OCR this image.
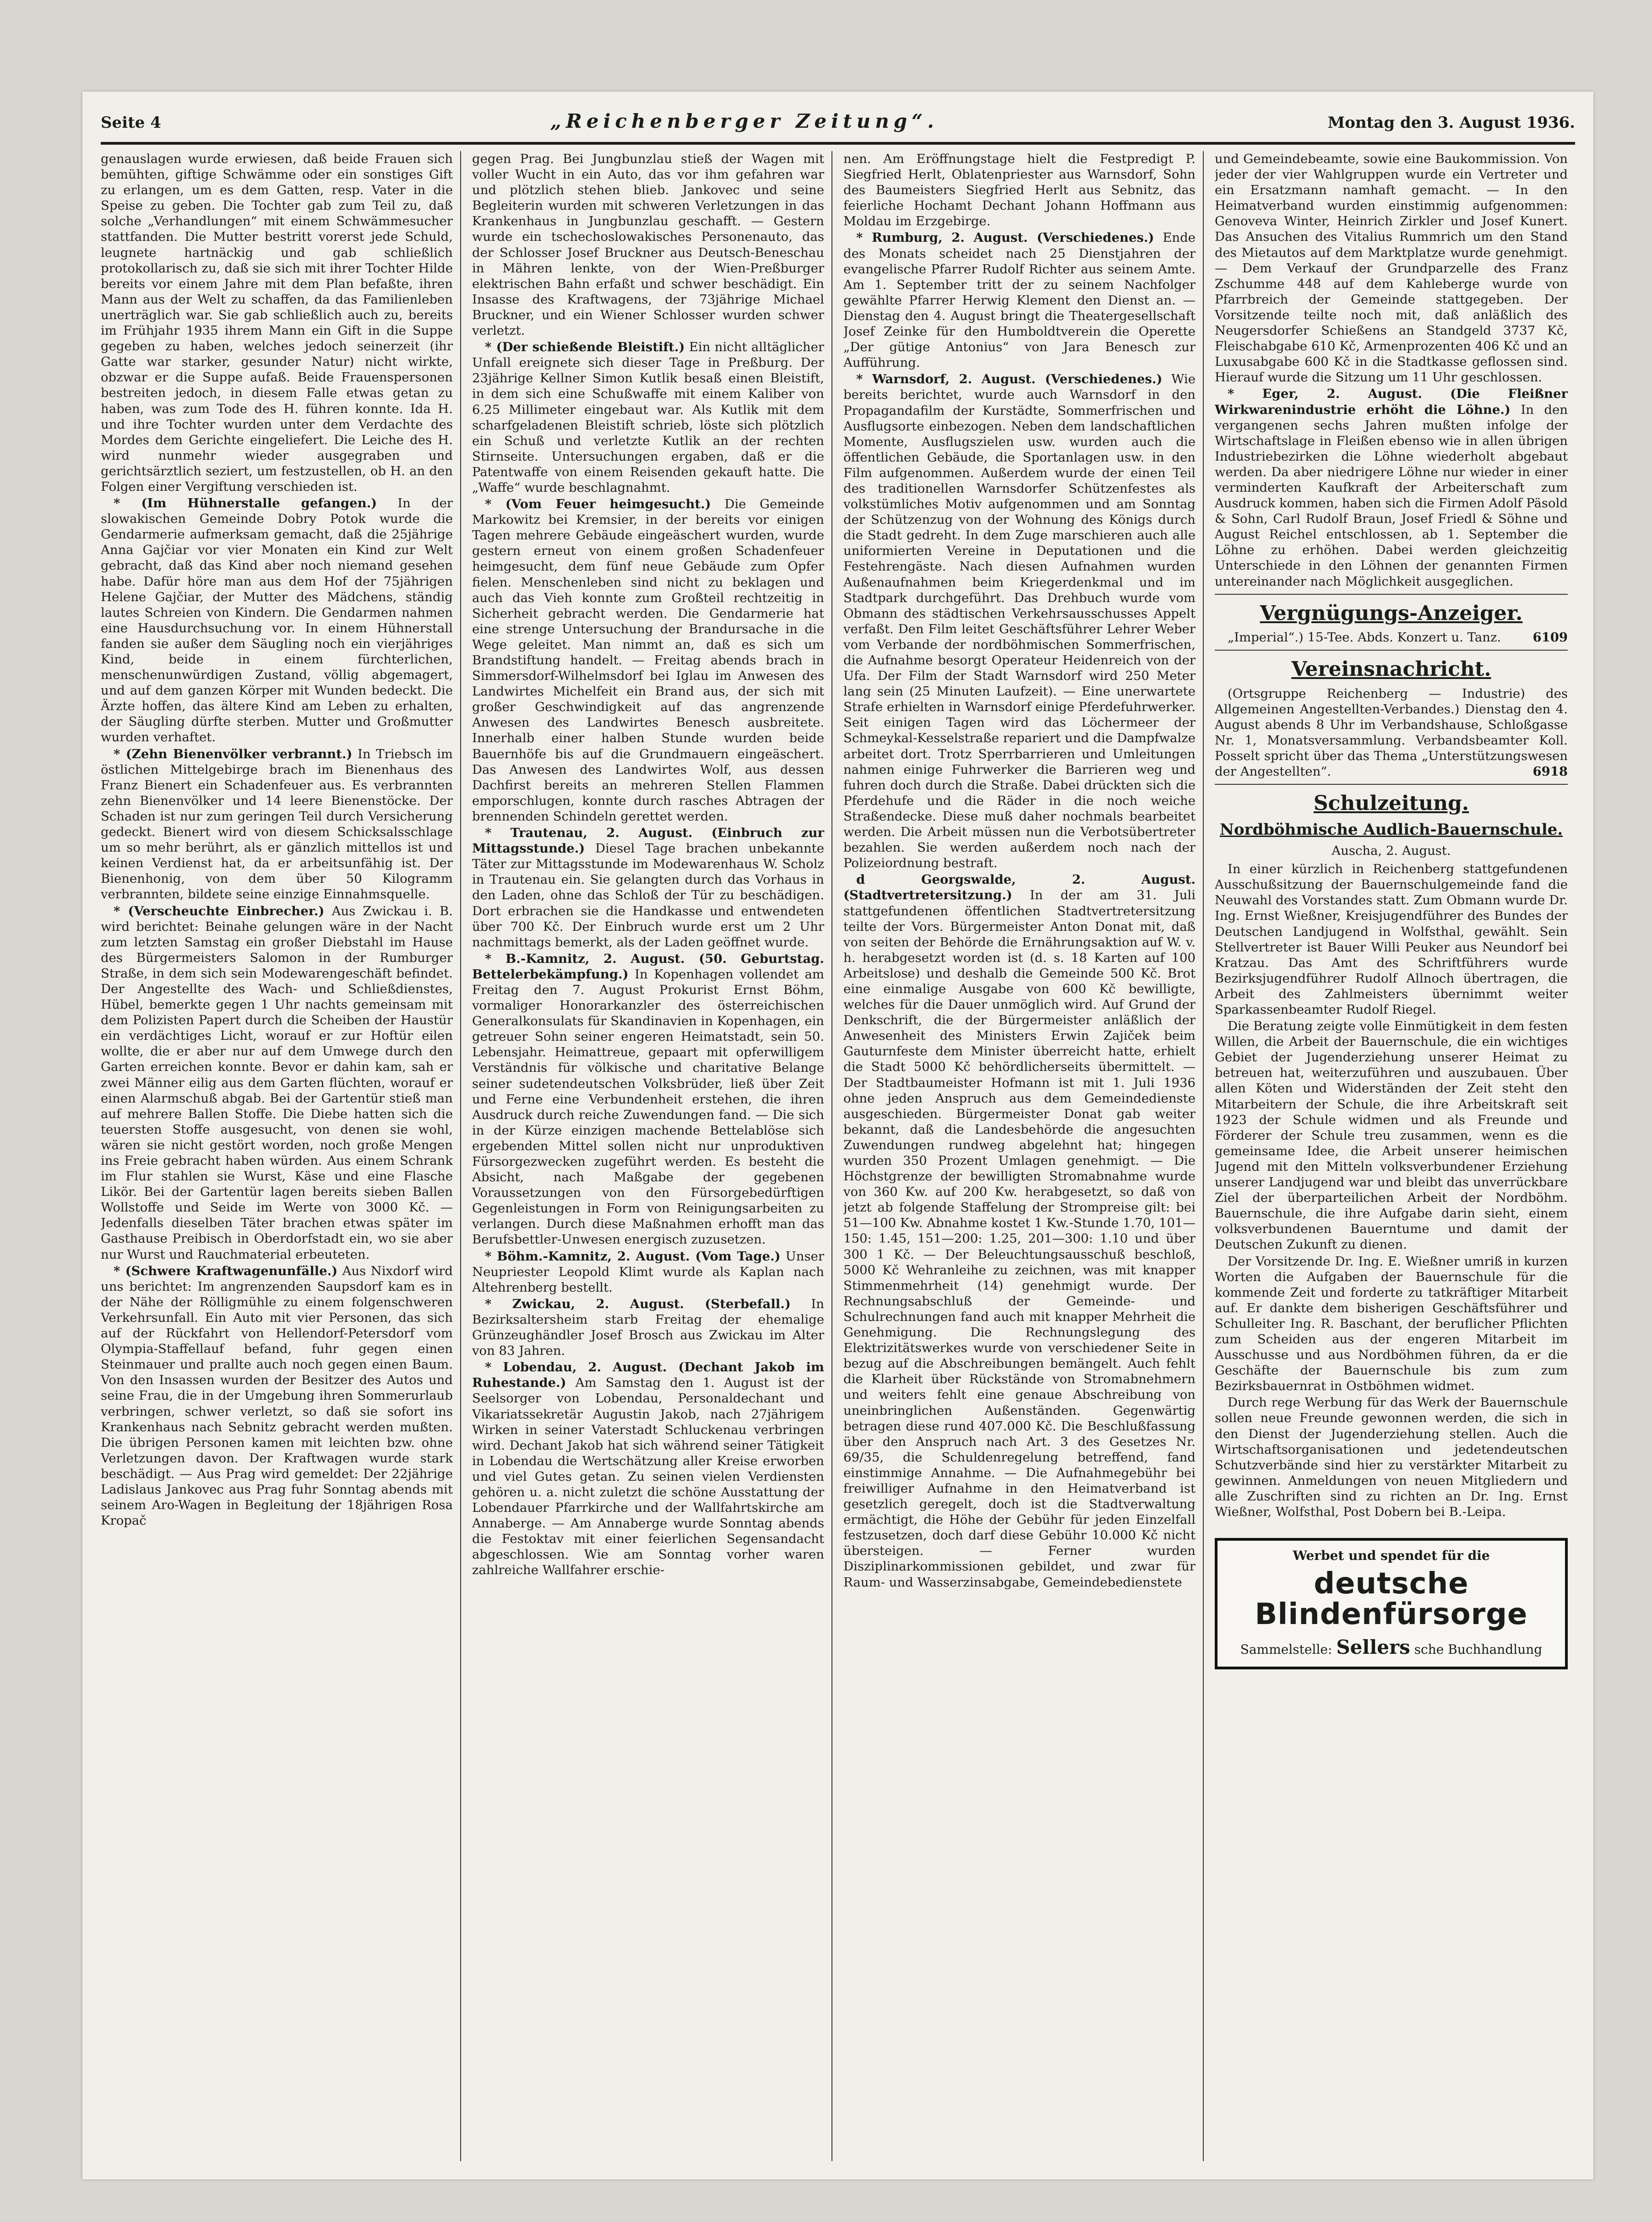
Seite 4	„Reichenberger Zeitung“.	Montag den 3. August 1936.

genauslagen wurde erwiesen, daß beide Frauen sich bemühten, giftige Schwämme oder ein sonstiges Gift zu erlangen, um es dem Gatten, resp. Vater in die Speise zu geben. Die Tochter gab zum Teil zu, daß solche „Verhandlungen“ mit einem Schwämmesucher stattfanden. Die Mutter bestritt vorerst jede Schuld, leugnete hartnäckig und gab schließlich protokollarisch zu, daß sie sich mit ihrer Tochter Hilde bereits vor einem Jahre mit dem Plan befaßte, ihren Mann aus der Welt zu schaffen, da das Familienleben unerträglich war. Sie gab schließlich auch zu, bereits im Frühjahr 1935 ihrem Mann ein Gift in die Suppe gegeben zu haben, welches jedoch seinerzeit (ihr Gatte war starker, gesunder Natur) nicht wirkte, obzwar er die Suppe aufaß. Beide Frauenspersonen bestreiten jedoch, in diesem Falle etwas getan zu haben, was zum Tode des H. führen konnte. Ida H. und ihre Tochter wurden unter dem Verdachte des Mordes dem Gerichte eingeliefert. Die Leiche des H. wird nunmehr wieder ausgegraben und gerichtsärztlich seziert, um festzustellen, ob H. an den Folgen einer Vergiftung verschieden ist.

* (Im Hühnerstalle gefangen.) In der slowakischen Gemeinde Dobry Potok wurde die Gendarmerie aufmerksam gemacht, daß die 25jährige Anna Gajčiar vor vier Monaten ein Kind zur Welt gebracht, daß das Kind aber noch niemand gesehen habe. Dafür höre man aus dem Hof der 75jährigen Helene Gajčiar, der Mutter des Mädchens, ständig lautes Schreien von Kindern. Die Gendarmen nahmen eine Hausdurchsuchung vor. In einem Hühnerstall fanden sie außer dem Säugling noch ein vierjähriges Kind, beide in einem fürchterlichen, menschenunwürdigen Zustand, völlig abgemagert, und auf dem ganzen Körper mit Wunden bedeckt. Die Ärzte hoffen, das ältere Kind am Leben zu erhalten, der Säugling dürfte sterben. Mutter und Großmutter wurden verhaftet.

* (Zehn Bienenvölker verbrannt.) In Triebsch im östlichen Mittelgebirge brach im Bienenhaus des Franz Bienert ein Schadenfeuer aus. Es verbrannten zehn Bienenvölker und 14 leere Bienenstöcke. Der Schaden ist nur zum geringen Teil durch Versicherung gedeckt. Bienert wird von diesem Schicksalsschlage um so mehr berührt, als er gänzlich mittellos ist und keinen Verdienst hat, da er arbeitsunfähig ist. Der Bienenhonig, von dem über 50 Kilogramm verbrannten, bildete seine einzige Einnahmsquelle.

* (Verscheuchte Einbrecher.) Aus Zwickau i. B. wird berichtet: Beinahe gelungen wäre in der Nacht zum letzten Samstag ein großer Diebstahl im Hause des Bürgermeisters Salomon in der Rumburger Straße, in dem sich sein Modewarengeschäft befindet. Der Angestellte des Wach- und Schließdienstes, Hübel, bemerkte gegen 1 Uhr nachts gemeinsam mit dem Polizisten Papert durch die Scheiben der Haustür ein verdächtiges Licht, worauf er zur Hoftür eilen wollte, die er aber nur auf dem Umwege durch den Garten erreichen konnte. Bevor er dahin kam, sah er zwei Männer eilig aus dem Garten flüchten, worauf er einen Alarmschuß abgab. Bei der Gartentür stieß man auf mehrere Ballen Stoffe. Die Diebe hatten sich die teuersten Stoffe ausgesucht, von denen sie wohl, wären sie nicht gestört worden, noch große Mengen ins Freie gebracht haben würden. Aus einem Schrank im Flur stahlen sie Wurst, Käse und eine Flasche Likör. Bei der Gartentür lagen bereits sieben Ballen Wollstoffe und Seide im Werte von 3000 Kč. — Jedenfalls dieselben Täter brachen etwas später im Gasthause Preibisch in Oberdorfstadt ein, wo sie aber nur Wurst und Rauchmaterial erbeuteten.

* (Schwere Kraftwagenunfälle.) Aus Nixdorf wird uns berichtet: Im angrenzenden Saupsdorf kam es in der Nähe der Rölligmühle zu einem folgenschweren Verkehrsunfall. Ein Auto mit vier Personen, das sich auf der Rückfahrt von Hellendorf-Petersdorf vom Olympia-Staffellauf befand, fuhr gegen einen Steinmauer und prallte auch noch gegen einen Baum. Von den Insassen wurden der Besitzer des Autos und seine Frau, die in der Umgebung ihren Sommerurlaub verbringen, schwer verletzt, so daß sie sofort ins Krankenhaus nach Sebnitz gebracht werden mußten. Die übrigen Personen kamen mit leichten bzw. ohne Verletzungen davon. Der Kraftwagen wurde stark beschädigt. — Aus Prag wird gemeldet: Der 22jährige Ladislaus Jankovec aus Prag fuhr Sonntag abends mit seinem Aro-Wagen in Begleitung der 18jährigen Rosa Kropač

gegen Prag. Bei Jungbunzlau stieß der Wagen mit voller Wucht in ein Auto, das vor ihm gefahren war und plötzlich stehen blieb. Jankovec und seine Begleiterin wurden mit schweren Verletzungen in das Krankenhaus in Jungbunzlau geschafft. — Gestern wurde ein tschechoslowakisches Personenauto, das der Schlosser Josef Bruckner aus Deutsch-Beneschau in Mähren lenkte, von der Wien-Preßburger elektrischen Bahn erfaßt und schwer beschädigt. Ein Insasse des Kraftwagens, der 73jährige Michael Bruckner, und ein Wiener Schlosser wurden schwer verletzt.

* (Der schießende Bleistift.) Ein nicht alltäglicher Unfall ereignete sich dieser Tage in Preßburg. Der 23jährige Kellner Simon Kutlik besaß einen Bleistift, in dem sich eine Schußwaffe mit einem Kaliber von 6.25 Millimeter eingebaut war. Als Kutlik mit dem scharfgeladenen Bleistift schrieb, löste sich plötzlich ein Schuß und verletzte Kutlik an der rechten Stirnseite. Untersuchungen ergaben, daß er die Patentwaffe von einem Reisenden gekauft hatte. Die „Waffe“ wurde beschlagnahmt.

* (Vom Feuer heimgesucht.) Die Gemeinde Markowitz bei Kremsier, in der bereits vor einigen Tagen mehrere Gebäude eingeäschert wurden, wurde gestern erneut von einem großen Schadenfeuer heimgesucht, dem fünf neue Gebäude zum Opfer fielen. Menschenleben sind nicht zu beklagen und auch das Vieh konnte zum Großteil rechtzeitig in Sicherheit gebracht werden. Die Gendarmerie hat eine strenge Untersuchung der Brandursache in die Wege geleitet. Man nimmt an, daß es sich um Brandstiftung handelt. — Freitag abends brach in Simmersdorf-Wilhelmsdorf bei Iglau im Anwesen des Landwirtes Michelfeit ein Brand aus, der sich mit großer Geschwindigkeit auf das angrenzende Anwesen des Landwirtes Benesch ausbreitete. Innerhalb einer halben Stunde wurden beide Bauernhöfe bis auf die Grundmauern eingeäschert. Das Anwesen des Landwirtes Wolf, aus dessen Dachfirst bereits an mehreren Stellen Flammen emporschlugen, konnte durch rasches Abtragen der brennenden Schindeln gerettet werden.

* Trautenau, 2. August. (Einbruch zur Mittagsstunde.) Diesel Tage brachen unbekannte Täter zur Mittagsstunde im Modewarenhaus W. Scholz in Trautenau ein. Sie gelangten durch das Vorhaus in den Laden, ohne das Schloß der Tür zu beschädigen. Dort erbrachen sie die Handkasse und entwendeten über 700 Kč. Der Einbruch wurde erst um 2 Uhr nachmittags bemerkt, als der Laden geöffnet wurde.

* B.-Kamnitz, 2. August. (50. Geburtstag. Bettelerbekämpfung.) In Kopenhagen vollendet am Freitag den 7. August Prokurist Ernst Böhm, vormaliger Honorarkanzler des österreichischen Generalkonsulats für Skandinavien in Kopenhagen, ein getreuer Sohn seiner engeren Heimatstadt, sein 50. Lebensjahr. Heimattreue, gepaart mit opferwilligem Verständnis für völkische und charitative Belange seiner sudetendeutschen Volksbrüder, ließ über Zeit und Ferne eine Verbundenheit erstehen, die ihren Ausdruck durch reiche Zuwendungen fand. — Die sich in der Kürze einzigen machende Bettelablöse sich ergebenden Mittel sollen nicht nur unproduktiven Fürsorgezwecken zugeführt werden. Es besteht die Absicht, nach Maßgabe der gegebenen Voraussetzungen von den Fürsorgebedürftigen Gegenleistungen in Form von Reinigungsarbeiten zu verlangen. Durch diese Maßnahmen erhofft man das Berufsbettler-Unwesen energisch zuzusetzen.

* Böhm.-Kamnitz, 2. August. (Vom Tage.) Unser Neupriester Leopold Klimt wurde als Kaplan nach Altehrenberg bestellt.

* Zwickau, 2. August. (Sterbefall.) In Bezirksaltersheim starb Freitag der ehemalige Grünzeughändler Josef Brosch aus Zwickau im Alter von 83 Jahren.

* Lobendau, 2. August. (Dechant Jakob im Ruhestande.) Am Samstag den 1. August ist der Seelsorger von Lobendau, Personaldechant und Vikariatssekretär Augustin Jakob, nach 27jährigem Wirken in seiner Vaterstadt Schluckenau verbringen wird. Dechant Jakob hat sich während seiner Tätigkeit in Lobendau die Wertschätzung aller Kreise erworben und viel Gutes getan. Zu seinen vielen Verdiensten gehören u. a. nicht zuletzt die schöne Ausstattung der Lobendauer Pfarrkirche und der Wallfahrtskirche am Annaberge. — Am Annaberge wurde Sonntag abends die Festoktav mit einer feierlichen Segensandacht abgeschlossen. Wie am Sonntag vorher waren zahlreiche Wallfahrer erschie-

nen. Am Eröffnungstage hielt die Festpredigt P. Siegfried Herlt, Oblatenpriester aus Warnsdorf, Sohn des Baumeisters Siegfried Herlt aus Sebnitz, das feierliche Hochamt Dechant Johann Hoffmann aus Moldau im Erzgebirge.

* Rumburg, 2. August. (Verschiedenes.) Ende des Monats scheidet nach 25 Dienstjahren der evangelische Pfarrer Rudolf Richter aus seinem Amte. Am 1. September tritt der zu seinem Nachfolger gewählte Pfarrer Herwig Klement den Dienst an. — Dienstag den 4. August bringt die Theatergesellschaft Josef Zeinke für den Humboldtverein die Operette „Der gütige Antonius“ von Jara Benesch zur Aufführung.

* Warnsdorf, 2. August. (Verschiedenes.) Wie bereits berichtet, wurde auch Warnsdorf in den Propagandafilm der Kurstädte, Sommerfrischen und Ausflugsorte einbezogen. Neben dem landschaftlichen Momente, Ausflugszielen usw. wurden auch die öffentlichen Gebäude, die Sportanlagen usw. in den Film aufgenommen. Außerdem wurde der einen Teil des traditionellen Warnsdorfer Schützenfestes als volkstümliches Motiv aufgenommen und am Sonntag der Schützenzug von der Wohnung des Königs durch die Stadt gedreht. In dem Zuge marschieren auch alle uniformierten Vereine in Deputationen und die Festehrengäste. Nach diesen Aufnahmen wurden Außenaufnahmen beim Kriegerdenkmal und im Stadtpark durchgeführt. Das Drehbuch wurde vom Obmann des städtischen Verkehrsausschusses Appelt verfaßt. Den Film leitet Geschäftsführer Lehrer Weber vom Verbande der nordböhmischen Sommerfrischen, die Aufnahme besorgt Operateur Heidenreich von der Ufa. Der Film der Stadt Warnsdorf wird 250 Meter lang sein (25 Minuten Laufzeit). — Eine unerwartete Strafe erhielten in Warnsdorf einige Pferdefuhrwerker. Seit einigen Tagen wird das Löchermeer der Schmeykal-Kesselstraße repariert und die Dampfwalze arbeitet dort. Trotz Sperrbarrieren und Umleitungen nahmen einige Fuhrwerker die Barrieren weg und fuhren doch durch die Straße. Dabei drückten sich die Pferdehufe und die Räder in die noch weiche Straßendecke. Diese muß daher nochmals bearbeitet werden. Die Arbeit müssen nun die Verbotsübertreter bezahlen. Sie werden außerdem noch nach der Polizeiordnung bestraft.

d Georgswalde, 2. August. (Stadtvertretersitzung.) In der am 31. Juli stattgefundenen öffentlichen Stadtvertretersitzung teilte der Vors. Bürgermeister Anton Donat mit, daß von seiten der Behörde die Ernährungsaktion auf W. v. h. herabgesetzt worden ist (d. s. 18 Karten auf 100 Arbeitslose) und deshalb die Gemeinde 500 Kč. Brot eine einmalige Ausgabe von 600 Kč bewilligte, welches für die Dauer unmöglich wird. Auf Grund der Denkschrift, die der Bürgermeister anläßlich der Anwesenheit des Ministers Erwin Zajiček beim Gauturnfeste dem Minister überreicht hatte, erhielt die Stadt 5000 Kč behördlicherseits übermittelt. — Der Stadtbaumeister Hofmann ist mit 1. Juli 1936 ohne jeden Anspruch aus dem Gemeindedienste ausgeschieden. Bürgermeister Donat gab weiter bekannt, daß die Landesbehörde die angesuchten Zuwendungen rundweg abgelehnt hat; hingegen wurden 350 Prozent Umlagen genehmigt. — Die Höchstgrenze der bewilligten Stromabnahme wurde von 360 Kw. auf 200 Kw. herabgesetzt, so daß von jetzt ab folgende Staffelung der Strompreise gilt: bei 51—100 Kw. Abnahme kostet 1 Kw.-Stunde 1.70, 101—150: 1.45, 151—200: 1.25, 201—300: 1.10 und über 300 1 Kč. — Der Beleuchtungsausschuß beschloß, 5000 Kč Wehranleihe zu zeichnen, was mit knapper Stimmenmehrheit (14) genehmigt wurde. Der Rechnungsabschluß der Gemeinde- und Schulrechnungen fand auch mit knapper Mehrheit die Genehmigung. Die Rechnungslegung des Elektrizitätswerkes wurde von verschiedener Seite in bezug auf die Abschreibungen bemängelt. Auch fehlt die Klarheit über Rückstände von Stromabnehmern und weiters fehlt eine genaue Abschreibung von uneinbringlichen Außenständen. Gegenwärtig betragen diese rund 407.000 Kč. Die Beschlußfassung über den Anspruch nach Art. 3 des Gesetzes Nr. 69/35, die Schuldenregelung betreffend, fand einstimmige Annahme. — Die Aufnahmegebühr bei freiwilliger Aufnahme in den Heimatverband ist gesetzlich geregelt, doch ist die Stadtverwaltung ermächtigt, die Höhe der Gebühr für jeden Einzelfall festzusetzen, doch darf diese Gebühr 10.000 Kč nicht übersteigen. — Ferner wurden Disziplinarkommissionen gebildet, und zwar für Raum- und Wasserzinsabgabe, Gemeindebedienstete

und Gemeindebeamte, sowie eine Baukommission. Von jeder der vier Wahlgruppen wurde ein Vertreter und ein Ersatzmann namhaft gemacht. — In den Heimatverband wurden einstimmig aufgenommen: Genoveva Winter, Heinrich Zirkler und Josef Kunert. Das Ansuchen des Vitalius Rummrich um den Stand des Mietautos auf dem Marktplatze wurde genehmigt. — Dem Verkauf der Grundparzelle des Franz Zschumme 448 auf dem Kahleberge wurde von Pfarrbreich der Gemeinde stattgegeben. Der Vorsitzende teilte noch mit, daß anläßlich des Neugersdorfer Schießens an Standgeld 3737 Kč, Fleischabgabe 610 Kč, Armenprozenten 406 Kč und an Luxusabgabe 600 Kč in die Stadtkasse geflossen sind. Hierauf wurde die Sitzung um 11 Uhr geschlossen.

* Eger, 2. August. (Die Fleißner Wirkwarenindustrie erhöht die Löhne.) In den vergangenen sechs Jahren mußten infolge der Wirtschaftslage in Fleißen ebenso wie in allen übrigen Industriebezirken die Löhne wiederholt abgebaut werden. Da aber niedrigere Löhne nur wieder in einer verminderten Kaufkraft der Arbeiterschaft zum Ausdruck kommen, haben sich die Firmen Adolf Päsold & Sohn, Carl Rudolf Braun, Josef Friedl & Söhne und August Reichel entschlossen, ab 1. September die Löhne zu erhöhen. Dabei werden gleichzeitig Unterschiede in den Löhnen der genannten Firmen untereinander nach Möglichkeit ausgeglichen.

Vergnügungs-Anzeiger.

„Imperial“.) 15-Tee. Abds. Konzert u. Tanz.	6109

Vereinsnachricht.

(Ortsgruppe Reichenberg — Industrie) des Allgemeinen Angestellten-Verbandes.) Dienstag den 4. August abends 8 Uhr im Verbandshause, Schloßgasse Nr. 1, Monatsversammlung. Verbandsbeamter Koll. Posselt spricht über das Thema „Unterstützungswesen der Angestellten“.	6918

Schulzeitung.
Nordböhmische Audlich-Bauernschule.
Auscha, 2. August.

In einer kürzlich in Reichenberg stattgefundenen Ausschußsitzung der Bauernschulgemeinde fand die Neuwahl des Vorstandes statt. Zum Obmann wurde Dr. Ing. Ernst Wießner, Kreisjugendführer des Bundes der Deutschen Landjugend in Wolfsthal, gewählt. Sein Stellvertreter ist Bauer Willi Peuker aus Neundorf bei Kratzau. Das Amt des Schriftführers wurde Bezirksjugendführer Rudolf Allnoch übertragen, die Arbeit des Zahlmeisters übernimmt weiter Sparkassenbeamter Rudolf Riegel.

Die Beratung zeigte volle Einmütigkeit in dem festen Willen, die Arbeit der Bauernschule, die ein wichtiges Gebiet der Jugenderziehung unserer Heimat zu betreuen hat, weiterzuführen und auszubauen. Über allen Köten und Widerständen der Zeit steht den Mitarbeitern der Schule, die ihre Arbeitskraft seit 1923 der Schule widmen und als Freunde und Förderer der Schule treu zusammen, wenn es die gemeinsame Idee, die Arbeit unserer heimischen Jugend mit den Mitteln volksverbundener Erziehung unserer Landjugend war und bleibt das unverrückbare Ziel der überparteilichen Arbeit der Nordböhm. Bauernschule, die ihre Aufgabe darin sieht, einem volksverbundenen Bauerntume und damit der Deutschen Zukunft zu dienen.

Der Vorsitzende Dr. Ing. E. Wießner umriß in kurzen Worten die Aufgaben der Bauernschule für die kommende Zeit und forderte zu tatkräftiger Mitarbeit auf. Er dankte dem bisherigen Geschäftsführer und Schulleiter Ing. R. Baschant, der beruflicher Pflichten zum Scheiden aus der engeren Mitarbeit im Ausschusse und aus Nordböhmen führen, da er die Geschäfte der Bauernschule bis zum zum Bezirksbauernrat in Ostböhmen widmet.

Durch rege Werbung für das Werk der Bauernschule sollen neue Freunde gewonnen werden, die sich in den Dienst der Jugenderziehung stellen. Auch die Wirtschaftsorganisationen und jedetendeutschen Schutzverbände sind hier zu verstärkter Mitarbeit zu gewinnen. Anmeldungen von neuen Mitgliedern und alle Zuschriften sind zu richten an Dr. Ing. Ernst Wießner, Wolfsthal, Post Dobern bei B.-Leipa.

Werbet und spendet für die
deutsche Blindenfürsorge
Sammelstelle: Sellers sche Buchhandlung
